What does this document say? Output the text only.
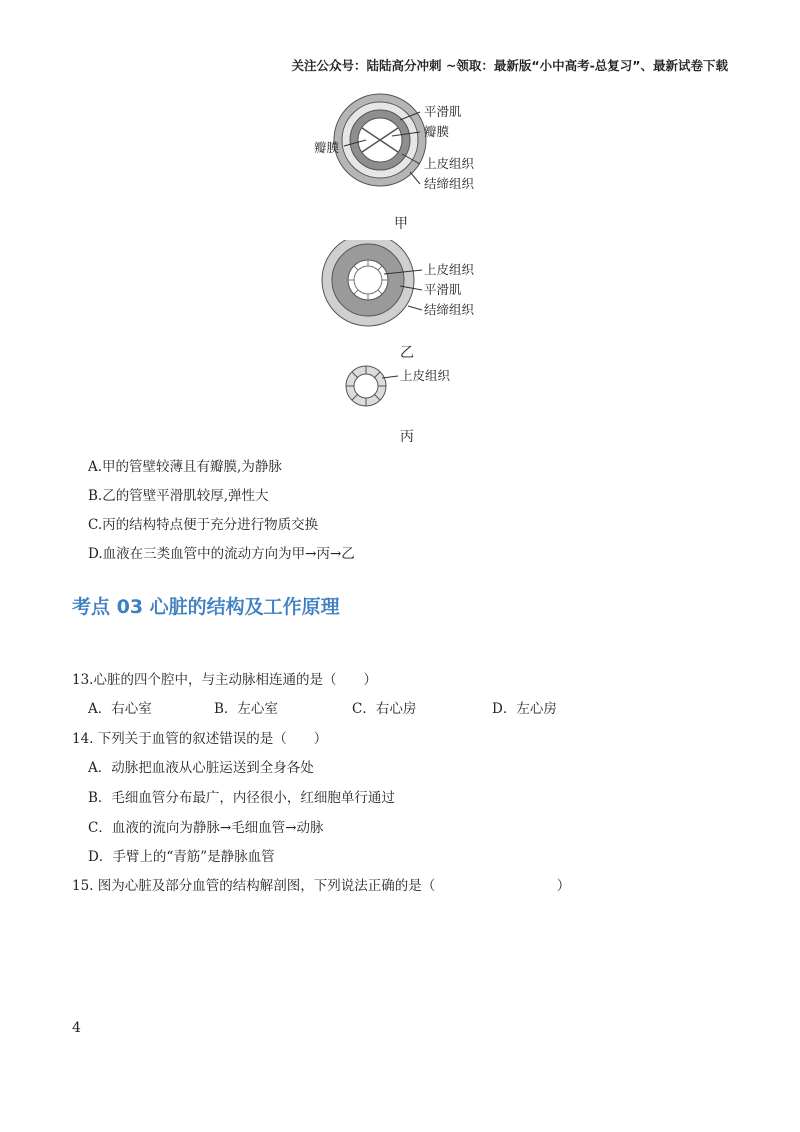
关注公众号：陆陆高分冲刺 ~领取：最新版“小中高考-总复习”、最新试卷下载
平滑肌
瓣膜
上皮组织
结缔组织
瓣膜
甲
上皮组织
平滑肌
结缔组织
乙
上皮组织
丙
A.甲的管壁较薄且有瓣膜,为静脉
B.乙的管壁平滑肌较厚,弹性大
C.丙的结构特点便于充分进行物质交换
D.血液在三类血管中的流动方向为甲→丙→乙
考点 03 心脏的结构及工作原理
13.心脏的四个腔中，与主动脉相连通的是（　　）
A．右心室	B．左心室	C．右心房	D．左心房
14. 下列关于血管的叙述错误的是（　　）
A．动脉把血液从心脏运送到全身各处
B．毛细血管分布最广，内径很小，红细胞单行通过
C．血液的流向为静脉→毛细血管→动脉
D．手臂上的“青筋”是静脉血管
15. 图为心脏及部分血管的结构解剖图，下列说法正确的是（　　　　　　　　　）
4
